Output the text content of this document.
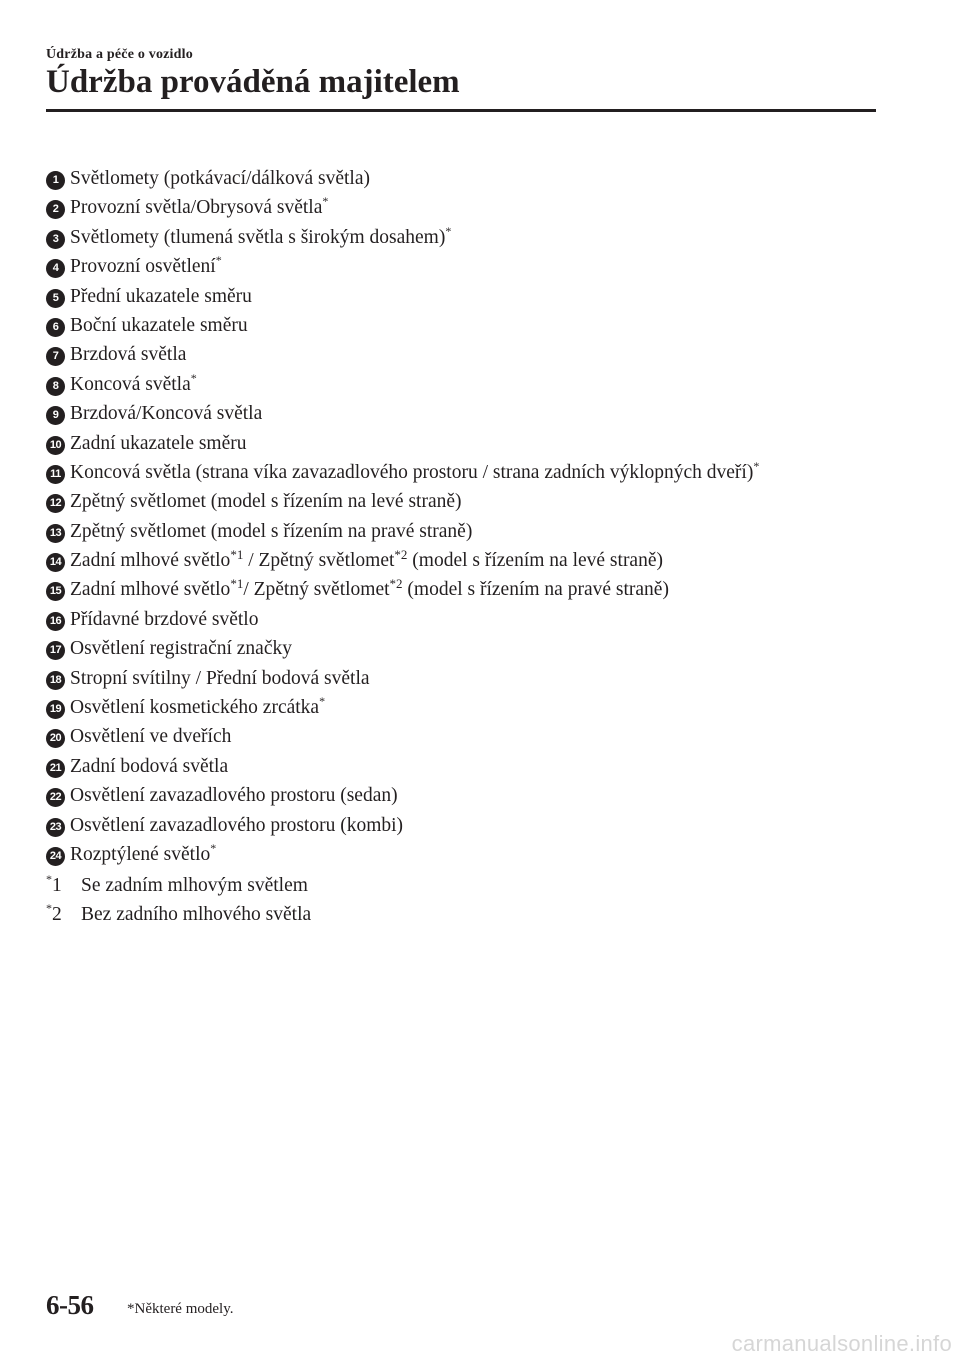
Údržba a péče o vozidlo
Údržba prováděná majitelem
1 Světlomety (potkávací/dálková světla)
2 Provozní světla/Obrysová světla*
3 Světlomety (tlumená světla s širokým dosahem)*
4 Provozní osvětlení*
5 Přední ukazatele směru
6 Boční ukazatele směru
7 Brzdová světla
8 Koncová světla*
9 Brzdová/Koncová světla
10 Zadní ukazatele směru
11 Koncová světla (strana víka zavazadlového prostoru / strana zadních výklopných dveří)*
12 Zpětný světlomet (model s řízením na levé straně)
13 Zpětný světlomet (model s řízením na pravé straně)
14 Zadní mlhové světlo$^{*1}$ / Zpětný světlomet$^{*2}$ (model s řízením na levé straně)
15 Zadní mlhové světlo$^{*1}$/ Zpětný světlomet$^{*2}$ (model s řízením na pravé straně)
16 Přídavné brzdové světlo
17 Osvětlení registrační značky
18 Stropní svítilny / Přední bodová světla
19 Osvětlení kosmetického zrcátka*
20 Osvětlení ve dveřích
21 Zadní bodová světla
22 Osvětlení zavazadlového prostoru (sedan)
23 Osvětlení zavazadlového prostoru (kombi)
24 Rozptýlené světlo*
*1 Se zadním mlhovým světlem
*2 Bez zadního mlhového světla
6-56 *Některé modely.
carmanualsonline.info
